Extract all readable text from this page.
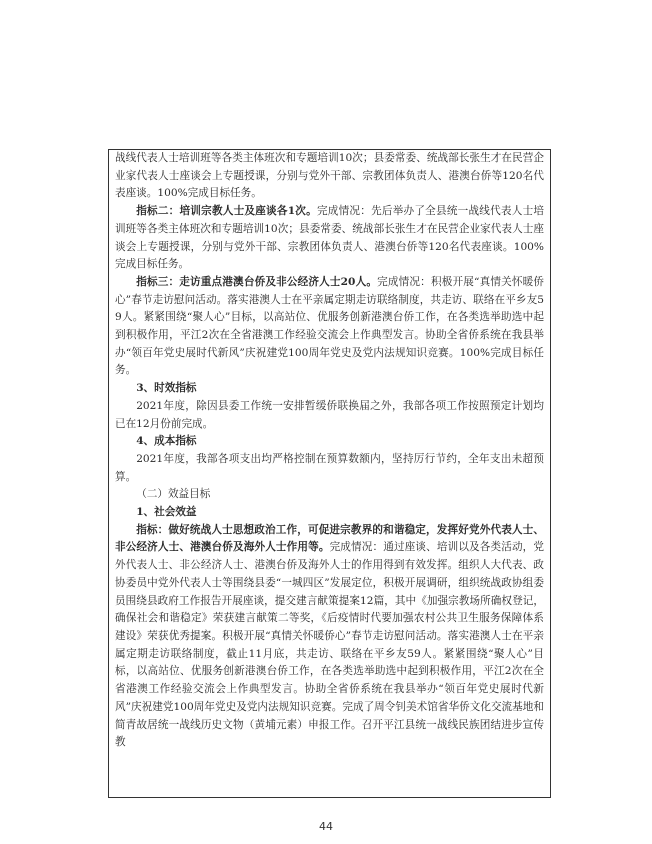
战线代表人士培训班等各类主体班次和专题培训10次；县委常委、统战部长张生才在民营企业家代表人士座谈会上专题授课，分别与党外干部、宗教团体负责人、港澳台侨等120名代表座谈。100%完成目标任务。

指标二：培训宗教人士及座谈各1次。完成情况：先后举办了全县统一战线代表人士培训班等各类主体班次和专题培训10次；县委常委、统战部长张生才在民营企业家代表人士座谈会上专题授课，分别与党外干部、宗教团体负责人、港澳台侨等120名代表座谈。100%完成目标任务。

指标三：走访重点港澳台侨及非公经济人士20人。完成情况：积极开展“真情关怀暖侨心”春节走访慰问活动。落实港澳人士在平亲属定期走访联络制度，共走访、联络在平乡友59人。紧紧围绕“聚人心”目标，以高站位、优服务创新港澳台侨工作，在各类选举助选中起到积极作用，平江2次在全省港澳工作经验交流会上作典型发言。协助全省侨系统在我县举办“领百年党史展时代新风”庆祝建党100周年党史及党内法规知识竞赛。100%完成目标任务。

3、时效指标

2021年度，除因县委工作统一安排暂缓侨联换届之外，我部各项工作按照预定计划均已在12月份前完成。

4、成本指标

2021年度，我部各项支出均严格控制在预算数额内，坚持厉行节约，全年支出未超预算。

（二）效益目标

1、社会效益

指标：做好统战人士思想政治工作，可促进宗教界的和谐稳定，发挥好党外代表人士、非公经济人士、港澳台侨及海外人士作用等。完成情况：通过座谈、培训以及各类活动，党外代表人士、非公经济人士、港澳台侨及海外人士的作用得到有效发挥。组织人大代表、政协委员中党外代表人士等围绕县委“一城四区”发展定位，积极开展调研，组织统战政协组委员围绕县政府工作报告开展座谈，提交建言献策提案12篇，其中《加强宗教场所确权登记，确保社会和谐稳定》荣获建言献策二等奖，《后疫情时代要加强农村公共卫生服务保障体系建设》荣获优秀提案。积极开展“真情关怀暖侨心”春节走访慰问活动。落实港澳人士在平亲属定期走访联络制度，截止11月底，共走访、联络在平乡友59人。紧紧围绕“聚人心”目标，以高站位、优服务创新港澳台侨工作，在各类选举助选中起到积极作用，平江2次在全省港澳工作经验交流会上作典型发言。协助全省侨系统在我县举办“领百年党史展时代新风”庆祝建党100周年党史及党内法规知识竞赛。完成了周令钊美术馆省华侨文化交流基地和简青故居统一战线历史文物（黄埔元素）申报工作。召开平江县统一战线民族团结进步宣传教

44
